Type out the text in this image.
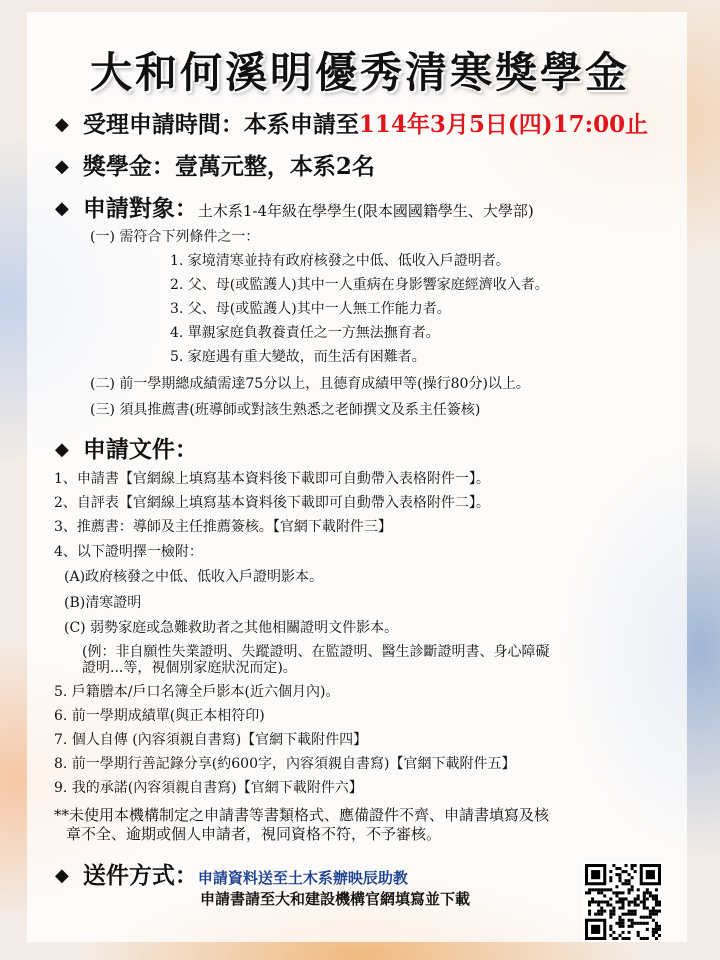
大和何溪明優秀清寒獎學金
◆ 受理申請時間：本系申請至114年3月5日(四)17:00止
◆ 獎學金：壹萬元整，本系2名
◆ 申請對象：土木系1-4年級在學學生(限本國國籍學生、大學部)
(一) 需符合下列條件之一：
1. 家境清寒並持有政府核發之中低、低收入戶證明者。
2. 父、母(或監護人)其中一人重病在身影響家庭經濟收入者。
3. 父、母(或監護人)其中一人無工作能力者。
4. 單親家庭負教養責任之一方無法撫育者。
5. 家庭遇有重大變故，而生活有困難者。
(二) 前一學期總成績需達75分以上，且德育成績甲等(操行80分)以上。
(三) 須具推薦書(班導師或對該生熟悉之老師撰文及系主任簽核)
◆ 申請文件：
1、申請書【官網線上填寫基本資料後下載即可自動帶入表格附件一】。
2、自評表【官網線上填寫基本資料後下載即可自動帶入表格附件二】。
3、推薦書：導師及主任推薦簽核。【官網下載附件三】
4、以下證明擇一檢附：
(A)政府核發之中低、低收入戶證明影本。
(B)清寒證明
(C) 弱勢家庭或急難救助者之其他相關證明文件影本。
(例：非自願性失業證明、失蹤證明、在監證明、醫生診斷證明書、身心障礙
證明...等，視個別家庭狀況而定)。
5. 戶籍謄本/戶口名簿全戶影本(近六個月內)。
6. 前一學期成績單(與正本相符印)
7. 個人自傳 (內容須親自書寫)【官網下載附件四】
8. 前一學期行善記錄分享(約600字，內容須親自書寫)【官網下載附件五】
9. 我的承諾(內容須親自書寫)【官網下載附件六】
**未使用本機構制定之申請書等書類格式、應備證件不齊、申請書填寫及核
章不全、逾期或個人申請者，視同資格不符，不予審核。
◆ 送件方式：申請資料送至土木系辦映辰助教
申請書請至大和建設機構官網填寫並下載
